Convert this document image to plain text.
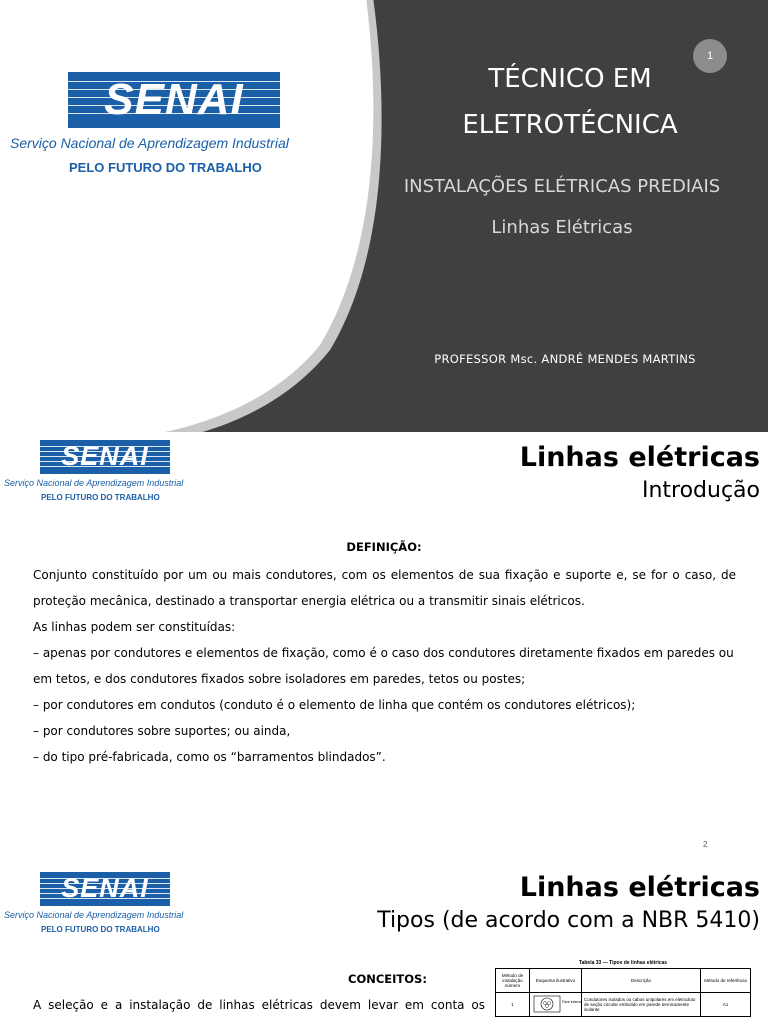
SENAI
Serviço Nacional de Aprendizagem Industrial
PELO FUTURO DO TRABALHO
TÉCNICO EM
ELETROTÉCNICA
INSTALAÇÕES ELÉTRICAS PREDIAIS
Linhas Elétricas
PROFESSOR Msc. ANDRÉ MENDES MARTINS
1
SENAI
Serviço Nacional de Aprendizagem Industrial
PELO FUTURO DO TRABALHO
Linhas elétricas
Introdução
DEFINIÇÃO:

Conjunto constituído por um ou mais condutores, com os elementos de sua fixação e suporte e, se for o caso, de proteção mecânica, destinado a transportar energia elétrica ou a transmitir sinais elétricos.

As linhas podem ser constituídas:

– apenas por condutores e elementos de fixação, como é o caso dos condutores diretamente fixados em paredes ou

em tetos, e dos condutores fixados sobre isoladores em paredes, tetos ou postes;

– por condutores em condutos (conduto é o elemento de linha que contém os condutores elétricos);

– por condutores sobre suportes; ou ainda,

– do tipo pré-fabricada, como os “barramentos blindados”.

2
SENAI
Serviço Nacional de Aprendizagem Industrial
PELO FUTURO DO TRABALHO
Linhas elétricas
Tipos (de acordo com a NBR 5410)
CONCEITOS:
A seleção e a instalação de linhas elétricas devem levar em conta os
Tabela 33 — Tipos de linhas elétricas
Método de instalação número	Esquema ilustrativo	Descrição	Método de referência
1	Face interna	Condutores isolados ou cabos unipolares em eletroduto de seção circular embutido em parede termicamente isolante	A1
